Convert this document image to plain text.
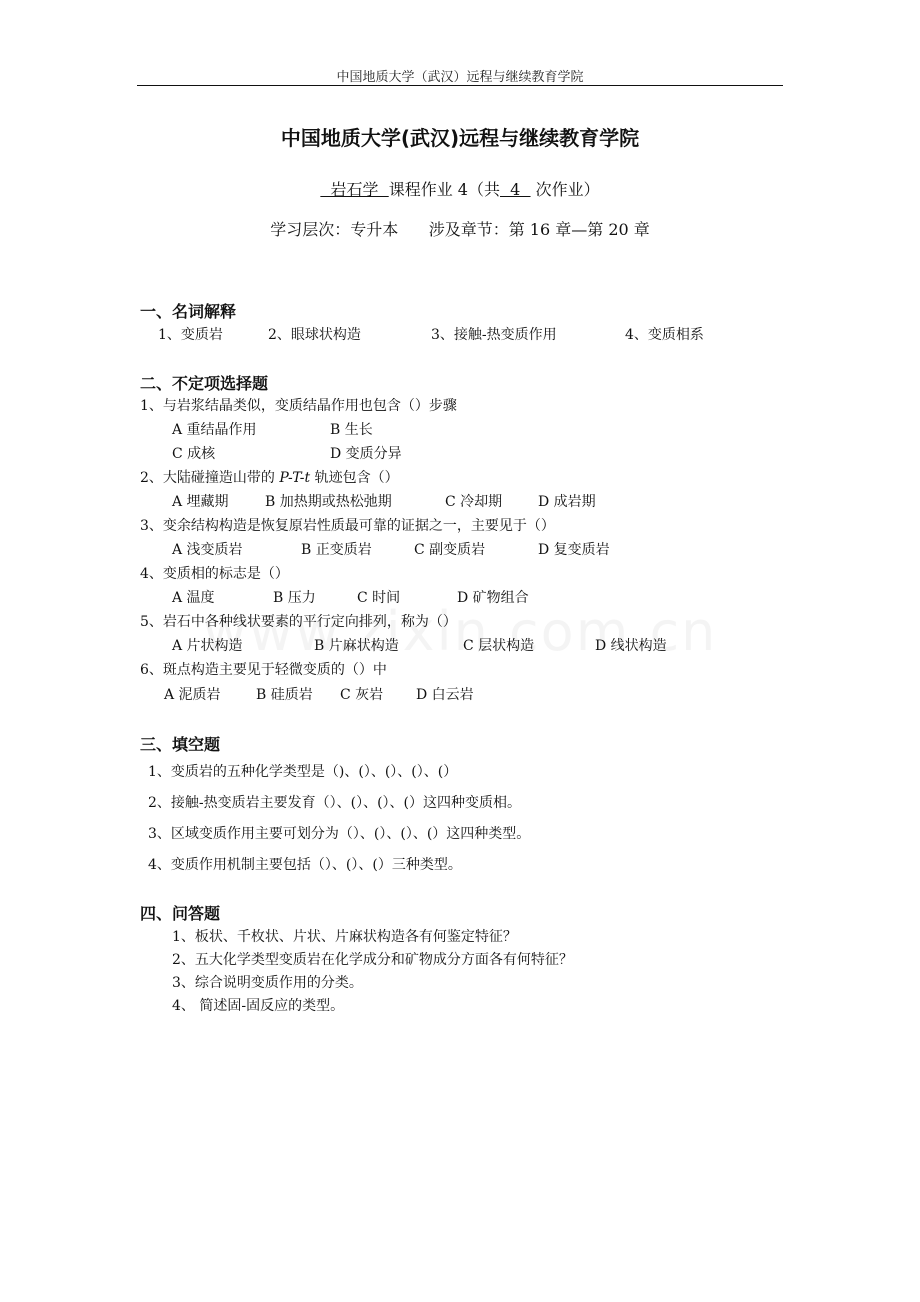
中国地质大学（武汉）远程与继续教育学院
中国地质大学(武汉)远程与继续教育学院
岩石学  课程作业 4（共  4   次作业）
学习层次：专升本      涉及章节：第 16 章—第 20 章
一、名词解释
1、变质岩	2、眼球状构造	3、接触-热变质作用	4、变质相系
二、不定项选择题
1、与岩浆结晶类似，变质结晶作用也包含（）步骤
A 重结晶作用	B 生长
C 成核	D 变质分异
2、大陆碰撞造山带的 P-T-t 轨迹包含（）
A 埋藏期	B 加热期或热松弛期	C 冷却期	D 成岩期
3、变余结构构造是恢复原岩性质最可靠的证据之一，主要见于（）
A 浅变质岩	B 正变质岩	C 副变质岩	D 复变质岩
4、变质相的标志是（）
A 温度	B 压力	C 时间	D 矿物组合
5、岩石中各种线状要素的平行定向排列，称为（）
A 片状构造	B 片麻状构造	C 层状构造	D 线状构造
6、斑点构造主要见于轻微变质的（）中
A 泥质岩	B 硅质岩 C 灰岩 D 白云岩
三、填空题
1、变质岩的五种化学类型是（)、(）、(）、(）、(）
2、接触-热变质岩主要发育（）、(）、(）、(）这四种变质相。
3、区域变质作用主要可划分为（）、(）、(）、(）这四种类型。
4、变质作用机制主要包括（）、(）、(）三种类型。
四、问答题
1、板状、千枚状、片状、片麻状构造各有何鉴定特征？
2、五大化学类型变质岩在化学成分和矿物成分方面各有何特征？
3、综合说明变质作用的分类。
4、 简述固-固反应的类型。
